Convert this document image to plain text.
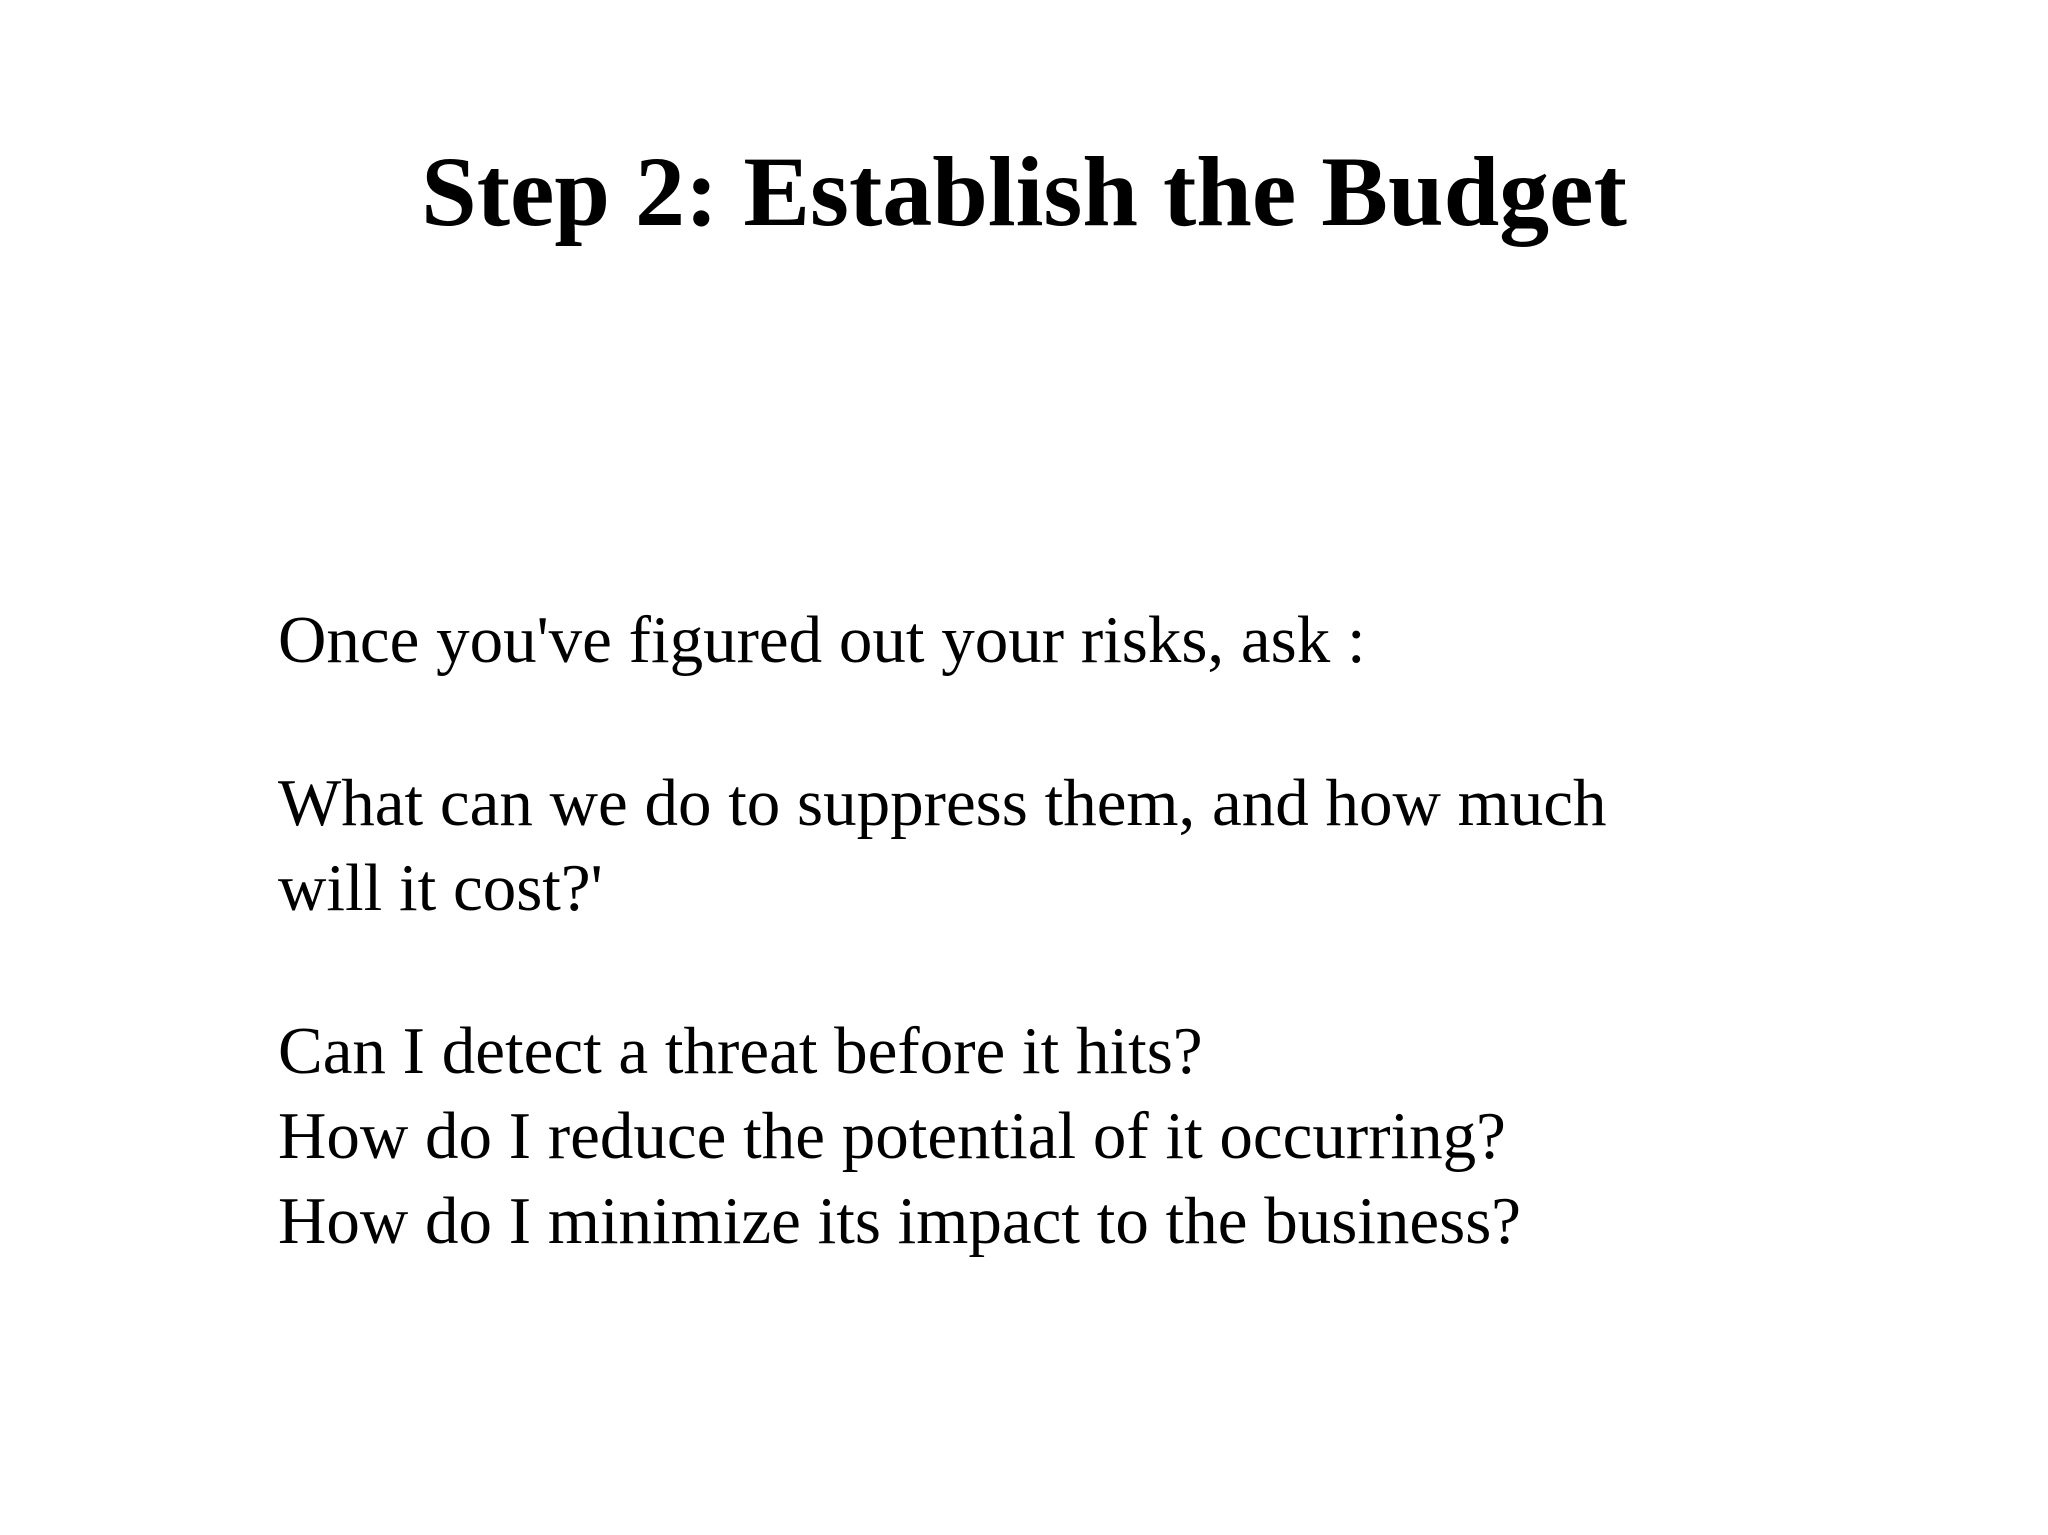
Step 2: Establish the Budget
Once you've figured out your risks, ask :
What can we do to suppress them, and how much
will it cost?'
Can I detect a threat before it hits?
How do I reduce the potential of it occurring?
How do I minimize its impact to the business?
